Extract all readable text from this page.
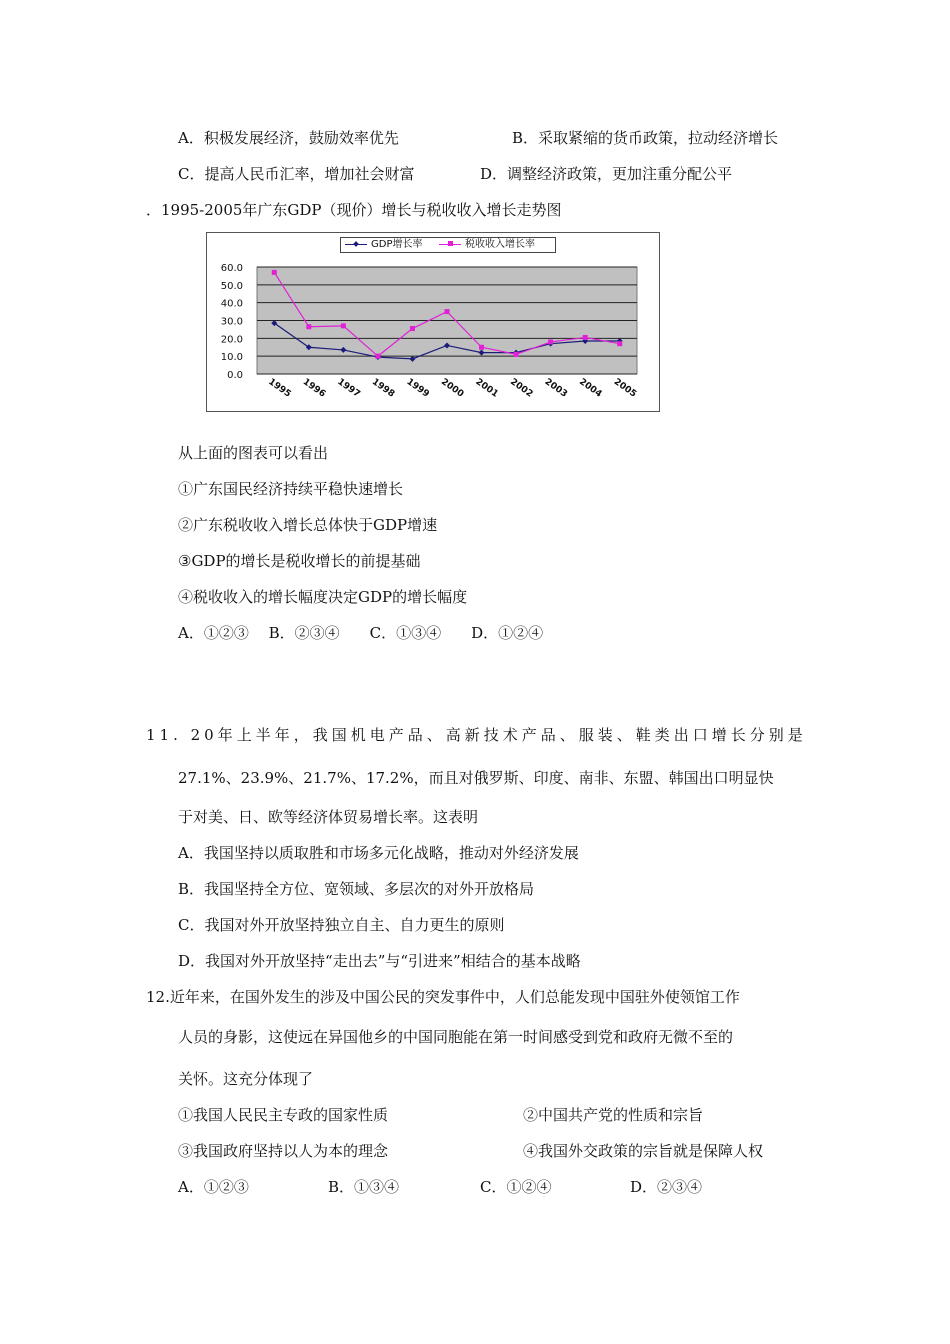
A．积极发展经济，鼓励效率优先	B．采取紧缩的货币政策，拉动经济增长
C．提高人民币汇率，增加社会财富	D．调整经济政策，更加注重分配公平
．1995-2005年广东GDP（现价）增长与税收收入增长走势图
GDP增长率	税收收入增长率
60.0
50.0
40.0
30.0
20.0
10.0
0.0
1995 1996 1997 1998 1999 2000 2001 2002 2003 2004 2005
从上面的图表可以看出
①广东国民经济持续平稳快速增长
②广东税收收入增长总体快于GDP增速
③GDP的增长是税收增长的前提基础
④税收收入的增长幅度决定GDP的增长幅度
A．①②③　 B．②③④　　C．①③④　　D．①②④
11. 20年上半年，我国机电产品、高新技术产品、服装、鞋类出口增长分别是
27.1%、23.9%、21.7%、17.2%，而且对俄罗斯、印度、南非、东盟、韩国出口明显快
于对美、日、欧等经济体贸易增长率。这表明
A．我国坚持以质取胜和市场多元化战略，推动对外经济发展
B．我国坚持全方位、宽领域、多层次的对外开放格局
C．我国对外开放坚持独立自主、自力更生的原则
D．我国对外开放坚持“走出去”与“引进来”相结合的基本战略
12.近年来，在国外发生的涉及中国公民的突发事件中，人们总能发现中国驻外使领馆工作
人员的身影，这使远在异国他乡的中国同胞能在第一时间感受到党和政府无微不至的
关怀。这充分体现了
①我国人民民主专政的国家性质	②中国共产党的性质和宗旨
③我国政府坚持以人为本的理念	④我国外交政策的宗旨就是保障人权
A．①②③	B．①③④	C．①②④	D．②③④
